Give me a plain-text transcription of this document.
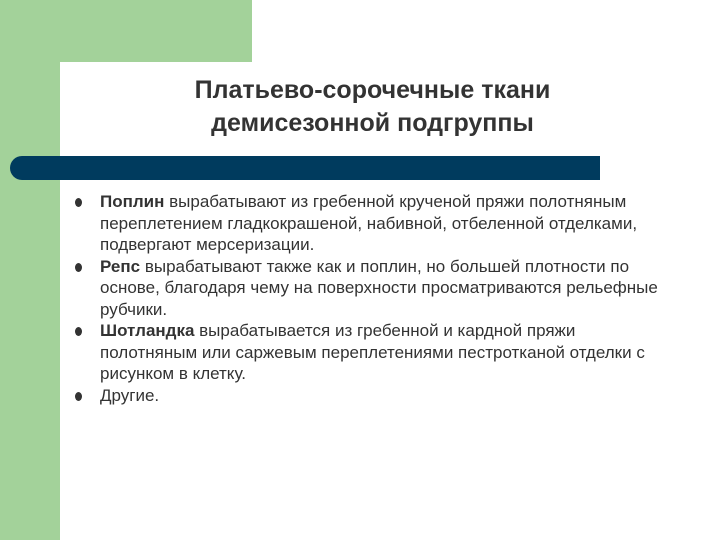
Платьево-сорочечные ткани
демисезонной подгруппы
Поплин вырабатывают из гребенной крученой пряжи полотняным переплетением гладкокрашеной, набивной, отбеленной отделками, подвергают мерсеризации.
Репс вырабатывают также как и поплин, но большей плотности по основе, благодаря чему на поверхности просматриваются рельефные рубчики.
Шотландка вырабатывается из гребенной и кардной пряжи полотняным или саржевым переплетениями пестротканой отделки с рисунком в клетку.
Другие.
